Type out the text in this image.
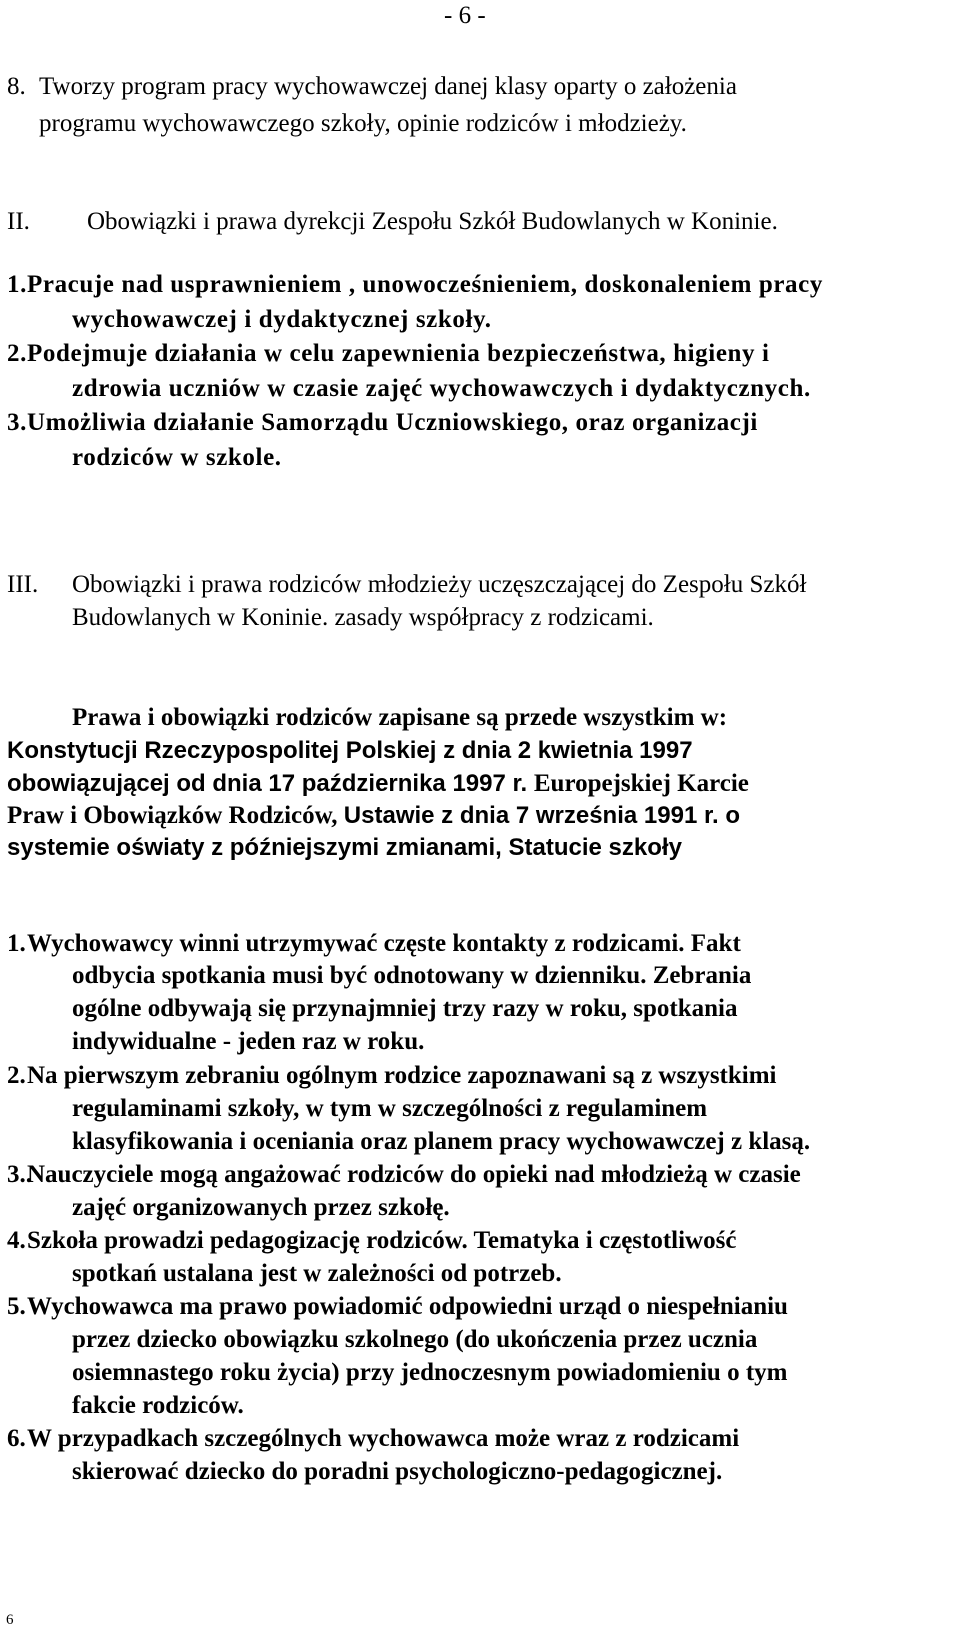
- 6 -
8. Tworzy program pracy wychowawczej danej klasy oparty o założenia
programu wychowawczego szkoły, opinie rodziców i młodzieży.
II. Obowiązki i prawa dyrekcji Zespołu Szkół Budowlanych w Koninie.
1.Pracuje nad usprawnieniem , unowocześnieniem, doskonaleniem pracy
wychowawczej i dydaktycznej szkoły.
2.Podejmuje działania w celu zapewnienia bezpieczeństwa, higieny i
zdrowia uczniów w czasie zajęć wychowawczych i dydaktycznych.
3.Umożliwia działanie Samorządu Uczniowskiego, oraz organizacji
rodziców w szkole.
III. Obowiązki i prawa rodziców młodzieży uczęszczającej do Zespołu Szkół
Budowlanych w Koninie. zasady współpracy z rodzicami.
Prawa i obowiązki rodziców zapisane są przede wszystkim w:
Konstytucji Rzeczypospolitej Polskiej z dnia 2 kwietnia 1997
obowiązującej od dnia 17 października 1997 r. Europejskiej Karcie
Praw i Obowiązków Rodziców, Ustawie z dnia 7 września 1991 r. o
systemie oświaty z późniejszymi zmianami, Statucie szkoły
1.Wychowawcy winni utrzymywać częste kontakty z rodzicami. Fakt
odbycia spotkania musi być odnotowany w dzienniku. Zebrania
ogólne odbywają się przynajmniej trzy razy w roku, spotkania
indywidualne - jeden raz w roku.
2.Na pierwszym zebraniu ogólnym rodzice zapoznawani są z wszystkimi
regulaminami szkoły, w tym w szczególności z regulaminem
klasyfikowania i oceniania oraz planem pracy wychowawczej z klasą.
3..Nauczyciele mogą angażować rodziców do opieki nad młodzieżą w czasie
zajęć organizowanych przez szkołę.
4.Szkoła prowadzi pedagogizację rodziców. Tematyka i częstotliwość
spotkań ustalana jest w zależności od potrzeb.
5.Wychowawca ma prawo powiadomić odpowiedni urząd o niespełnianiu
przez dziecko obowiązku szkolnego (do ukończenia przez ucznia
osiemnastego roku życia) przy jednoczesnym powiadomieniu o tym
fakcie rodziców.
6.W przypadkach szczególnych wychowawca może wraz z rodzicami
skierować dziecko do poradni psychologiczno-pedagogicznej.
6
